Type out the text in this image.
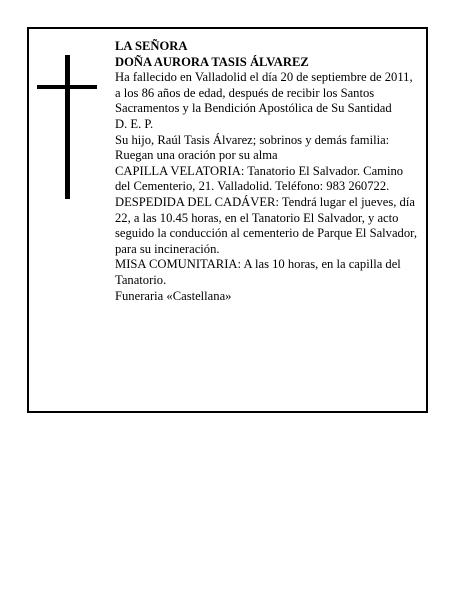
LA SEÑORA

DOÑA AURORA TASIS ÁLVAREZ

Ha fallecido en Valladolid el día 20 de septiembre de 2011, a los 86 años de edad, después de recibir los Santos Sacramentos y la Bendición Apostólica de Su Santidad

D. E. P.

Su hijo, Raúl Tasis Álvarez; sobrinos y demás familia:

Ruegan una oración por su alma

CAPILLA VELATORIA: Tanatorio El Salvador. Camino del Cementerio, 21. Valladolid. Teléfono: 983 260722.

DESPEDIDA DEL CADÁVER: Tendrá lugar el jueves, día 22, a las 10.45 horas, en el Tanatorio El Salvador, y acto seguido la conducción al cementerio de Parque El Salvador, para su incineración.

MISA COMUNITARIA: A las 10 horas, en la capilla del Tanatorio.

Funeraria «Castellana»
